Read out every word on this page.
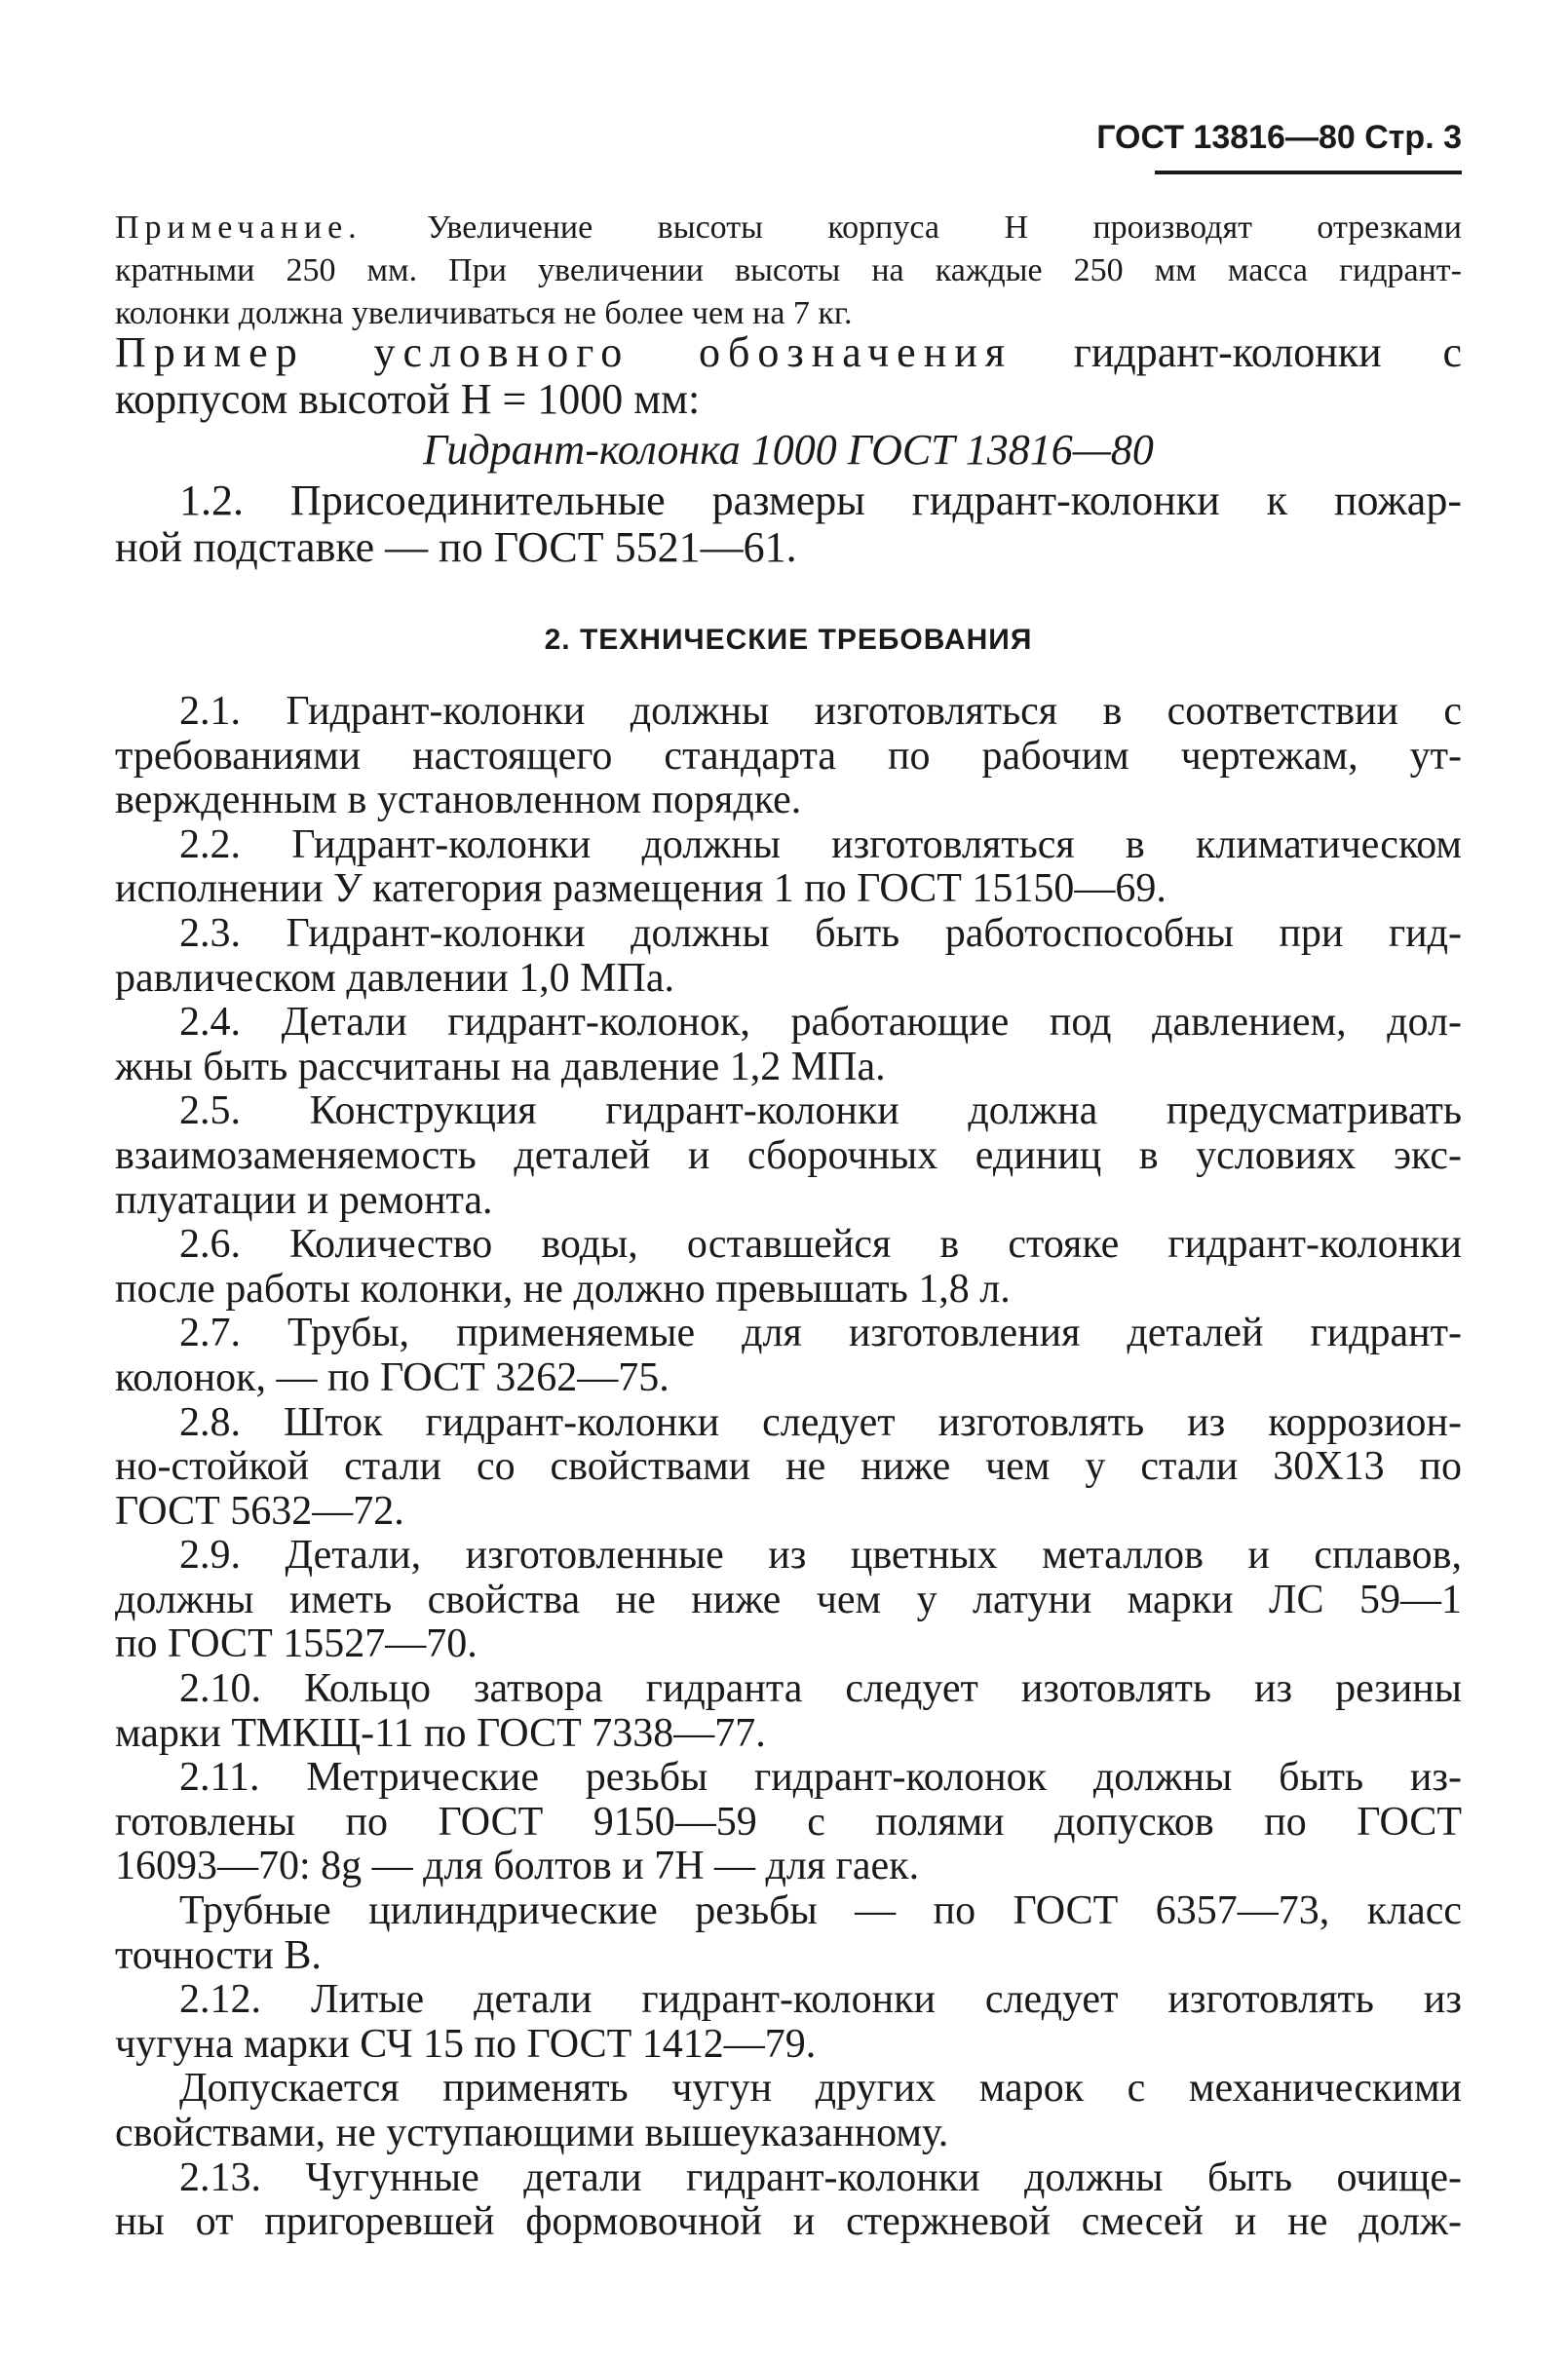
ГОСТ 13816—80 Стр. 3
Примечание. Увеличение высоты корпуса H производят отрезками
кратными 250 мм. При увеличении высоты на каждые 250 мм масса гидрант-
колонки должна увеличиваться не более чем на 7 кг.
Пример условного обозначения гидрант-колонки с
корпусом высотой H = 1000 мм:
Гидрант-колонка 1000 ГОСТ 13816—80
1.2. Присоединительные размеры гидрант-колонки к пожар-
ной подставке — по ГОСТ 5521—61.
2. ТЕХНИЧЕСКИЕ ТРЕБОВАНИЯ
2.1. Гидрант-колонки должны изготовляться в соответствии с
требованиями настоящего стандарта по рабочим чертежам, ут-
вержденным в установленном порядке.
2.2. Гидрант-колонки должны изготовляться в климатическом
исполнении У категория размещения 1 по ГОСТ 15150—69.
2.3. Гидрант-колонки должны быть работоспособны при гид-
равлическом давлении 1,0 МПа.
2.4. Детали гидрант-колонок, работающие под давлением, дол-
жны быть рассчитаны на давление 1,2 МПа.
2.5. Конструкция гидрант-колонки должна предусматривать
взаимозаменяемость деталей и сборочных единиц в условиях экс-
плуатации и ремонта.
2.6. Количество воды, оставшейся в стояке гидрант-колонки
после работы колонки, не должно превышать 1,8 л.
2.7. Трубы, применяемые для изготовления деталей гидрант-
колонок, — по ГОСТ 3262—75.
2.8. Шток гидрант-колонки следует изготовлять из коррозион-
но-стойкой стали со свойствами не ниже чем у стали 30Х13 по
ГОСТ 5632—72.
2.9. Детали, изготовленные из цветных металлов и сплавов,
должны иметь свойства не ниже чем у латуни марки ЛС 59—1
по ГОСТ 15527—70.
2.10. Кольцо затвора гидранта следует изотовлять из резины
марки ТМКЩ-11 по ГОСТ 7338—77.
2.11. Метрические резьбы гидрант-колонок должны быть из-
готовлены по ГОСТ 9150—59 с полями допусков по ГОСТ
16093—70: 8g — для болтов и 7Н — для гаек.
Трубные цилиндрические резьбы — по ГОСТ 6357—73, класс
точности В.
2.12. Литые детали гидрант-колонки следует изготовлять из
чугуна марки СЧ 15 по ГОСТ 1412—79.
Допускается применять чугун других марок с механическими
свойствами, не уступающими вышеуказанному.
2.13. Чугунные детали гидрант-колонки должны быть очище-
ны от пригоревшей формовочной и стержневой смесей и не долж-
